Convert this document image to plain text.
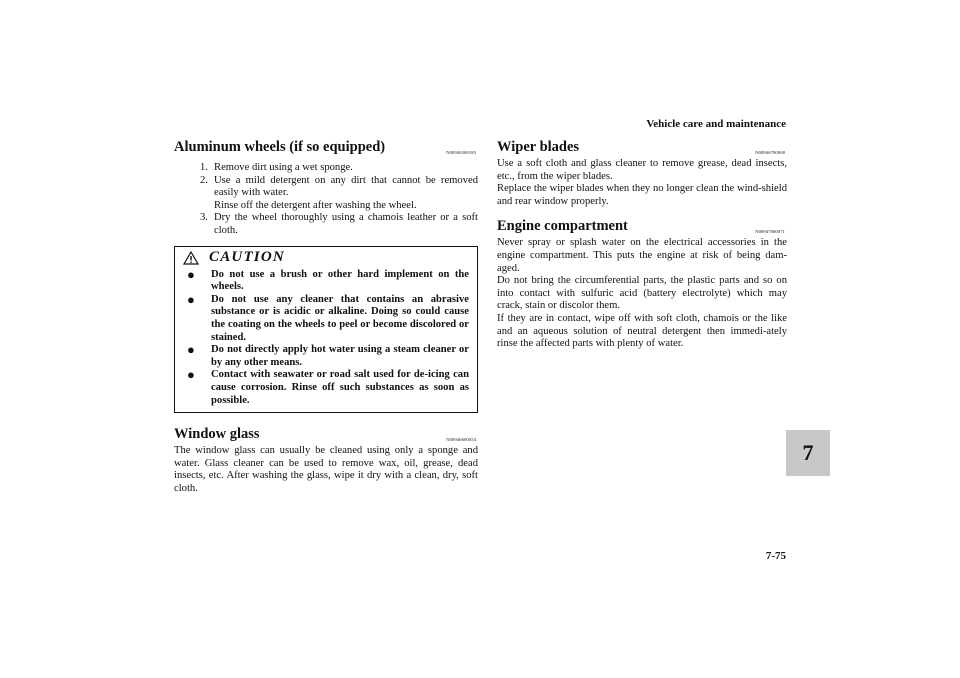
Vehicle care and maintenance
Aluminum wheels (if so equipped)	N00946500183
1. Remove dirt using a wet sponge.
2. Use a mild detergent on any dirt that cannot be removed easily with water.
Rinse off the detergent after washing the wheel.
3. Dry the wheel thoroughly using a chamois leather or a soft cloth.
CAUTION

● Do not use a brush or other hard implement on the wheels.

● Do not use any cleaner that contains an abrasive substance or is acidic or alkaline. Doing so could cause the coating on the wheels to peel or become discolored or stained.

● Do not directly apply hot water using a steam cleaner or by any other means.

● Contact with seawater or road salt used for de-icing can cause corrosion. Rinse off such substances as soon as possible.

Window glass	N00946600054

The window glass can usually be cleaned using only a sponge and water. Glass cleaner can be used to remove wax, oil, grease, dead insects, etc. After washing the glass, wipe it dry with a clean, dry, soft cloth.

Wiper blades	N00946700068

Use a soft cloth and glass cleaner to remove grease, dead insects, etc., from the wiper blades.

Replace the wiper blades when they no longer clean the wind-shield and rear window properly.

Engine compartment	N00947000071

Never spray or splash water on the electrical accessories in the engine compartment. This puts the engine at risk of being dam-aged.

Do not bring the circumferential parts, the plastic parts and so on into contact with sulfuric acid (battery electrolyte) which may crack, stain or discolor them.

If they are in contact, wipe off with soft cloth, chamois or the like and an aqueous solution of neutral detergent then immedi-ately rinse the affected parts with plenty of water.

7
7-75
